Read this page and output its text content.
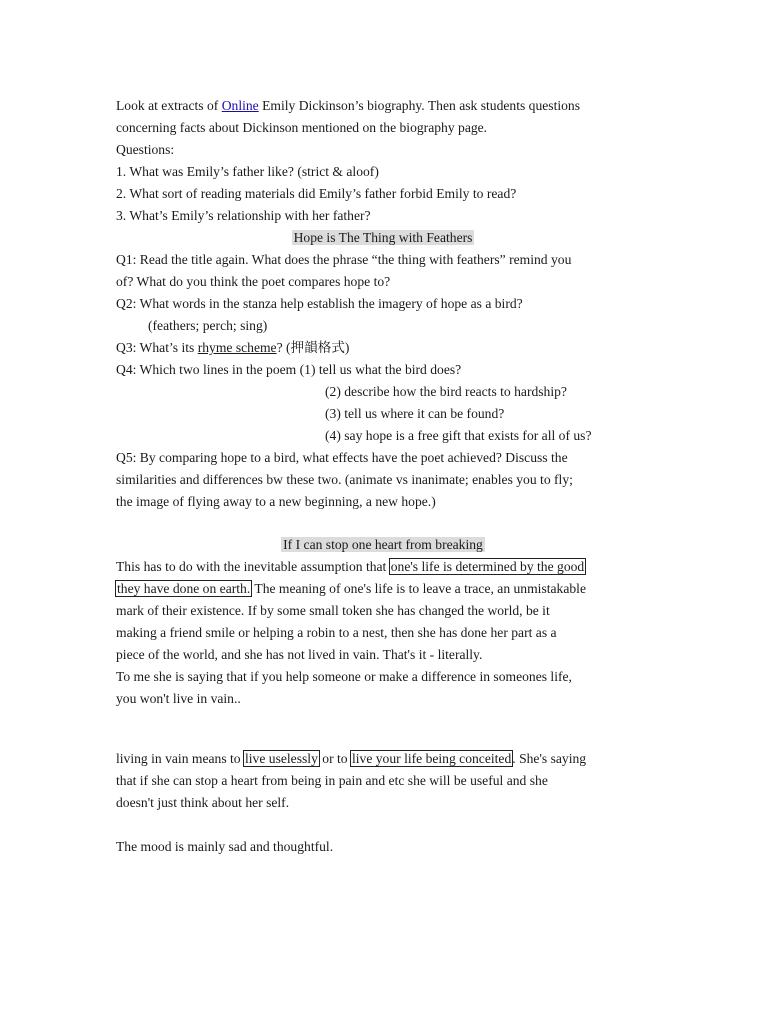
Look at extracts of Online Emily Dickinson’s biography. Then ask students questions
concerning facts about Dickinson mentioned on the biography page.
Questions:
1. What was Emily’s father like? (strict & aloof)
2. What sort of reading materials did Emily’s father forbid Emily to read?
3. What’s Emily’s relationship with her father?
Hope is The Thing with Feathers
Q1: Read the title again. What does the phrase “the thing with feathers” remind you
of? What do you think the poet compares hope to?
Q2: What words in the stanza help establish the imagery of hope as a bird?
(feathers; perch; sing)
Q3: What’s its rhyme scheme? (押韻格式)
Q4: Which two lines in the poem (1) tell us what the bird does?
(2) describe how the bird reacts to hardship?
(3) tell us where it can be found?
(4) say hope is a free gift that exists for all of us?
Q5: By comparing hope to a bird, what effects have the poet achieved? Discuss the
similarities and differences bw these two. (animate vs inanimate; enables you to fly;
the image of flying away to a new beginning, a new hope.)
If I can stop one heart from breaking
This has to do with the inevitable assumption that one's life is determined by the good
they have done on earth. The meaning of one's life is to leave a trace, an unmistakable
mark of their existence. If by some small token she has changed the world, be it
making a friend smile or helping a robin to a nest, then she has done her part as a
piece of the world, and she has not lived in vain. That's it - literally.
To me she is saying that if you help someone or make a difference in someones life,
you won't live in vain..
living in vain means to live uselessly or to live your life being conceited. She's saying
that if she can stop a heart from being in pain and etc she will be useful and she
doesn't just think about her self.
The mood is mainly sad and thoughtful.
